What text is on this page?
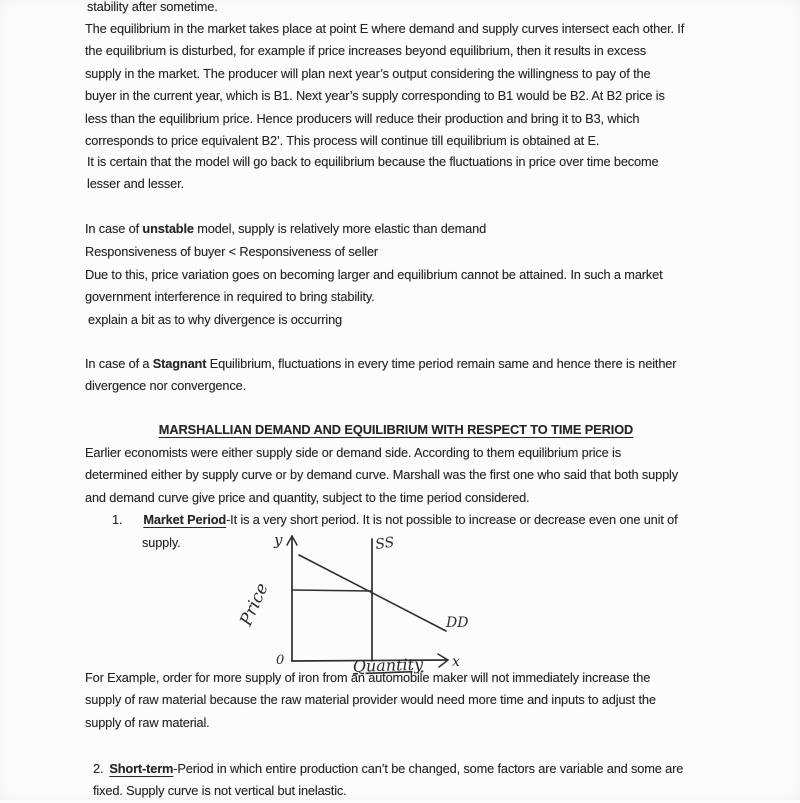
stability after sometime.
The equilibrium in the market takes place at point E where demand and supply curves intersect each other. If
the equilibrium is disturbed, for example if price increases beyond equilibrium, then it results in excess
supply in the market. The producer will plan next year’s output considering the willingness to pay of the
buyer in the current year, which is B1. Next year’s supply corresponding to B1 would be B2. At B2 price is
less than the equilibrium price. Hence producers will reduce their production and bring it to B3, which
corresponds to price equivalent B2’. This process will continue till equilibrium is obtained at E.
It is certain that the model will go back to equilibrium because the fluctuations in price over time become
lesser and lesser.
In case of unstable model, supply is relatively more elastic than demand
Responsiveness of buyer < Responsiveness of seller
Due to this, price variation goes on becoming larger and equilibrium cannot be attained. In such a market
government interference in required to bring stability.
explain a bit as to why divergence is occurring
In case of a Stagnant Equilibrium, fluctuations in every time period remain same and hence there is neither
divergence nor convergence.
MARSHALLIAN DEMAND AND EQUILIBRIUM WITH RESPECT TO TIME PERIOD
Earlier economists were either supply side or demand side. According to them equilibrium price is
determined either by supply curve or by demand curve. Marshall was the first one who said that both supply
and demand curve give price and quantity, subject to the time period considered.
1. Market Period-It is a very short period. It is not possible to increase or decrease even one unit of
supply.	y
x
0
SS
DD
Price
Quantity
For Example, order for more supply of iron from an automobile maker will not immediately increase the
supply of raw material because the raw material provider would need more time and inputs to adjust the
supply of raw material.
2. Short-term-Period in which entire production can’t be changed, some factors are variable and some are
fixed. Supply curve is not vertical but inelastic.
